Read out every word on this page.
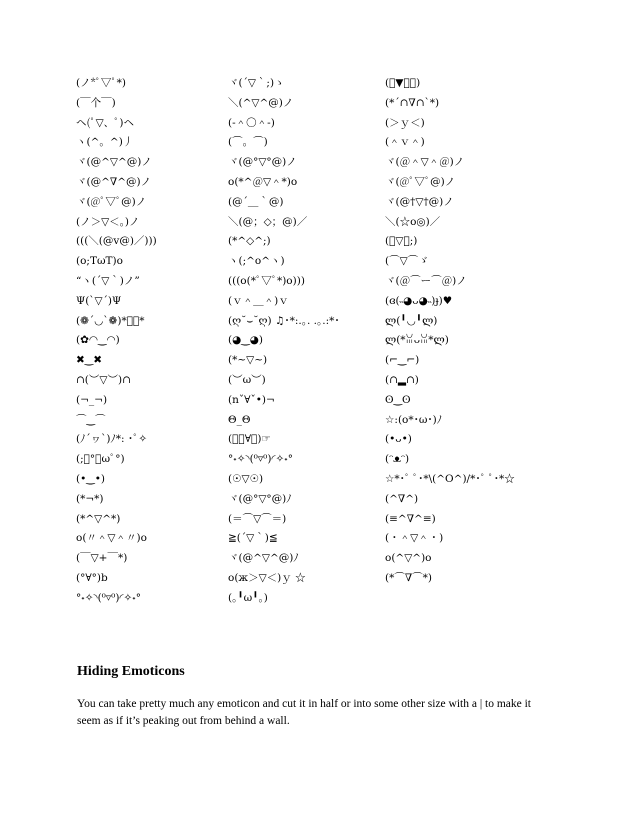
(ノ*ﾟ▽ﾟ*)	ヾ(´▽｀;)ゝ	(ﾟ▼ﾟ＊)
(￣个￣)	＼(^▽^@)ノ	(*´∩∇∩`*)
ヘ(ﾟ▽、ﾟ)ヘ	(-＾〇＾-)	(＞ｙ＜)
ヽ(^。^)丿	(⌒。⌒)	(＾ｖ＾)
ヾ(@^▽^@)ノ	ヾ(@°▽°@)ノ	ヾ(＠＾▽＾＠)ノ
ヾ(@^∇^@)ノ	o(*^＠▽＾*)o	ヾ(@ﾟ▽ﾟ@)ノ
ヾ(@ﾟ▽ﾟ@)ノ	(@´＿｀@)	ヾ(@†▽†@)ノ
(ノ＞▽＜。)ノ	＼(@；◇；@)／	＼(☆o◎)／
(((＼(@v@)／)))	(*^◇^;)	(ﾟ▽ﾟ;)
(o;TωT)o	ヽ(;^o^ヽ)	(⌒▽⌒ゞ
“ヽ(´▽｀)ノ”	(((o(*ﾟ▽ﾟ*)o)))	ヾ(＠⌒ー⌒＠)ノ
Ψ(`▽´)Ψ	(ｖ＾＿＾)ｖ	(ɞ(˵◕ᴗ◕˵)ɟ)♥
(❁´◡`❁)*✲ﾟ*	(ღ˘⌣˘ღ) ♫･*:.｡. .｡.:*･	ლ(╹◡╹ლ)
(✿◠‿◠)	(◕‿◕)	ლ(*ꈍᴗꈍ*ლ)
✖‿✖	(*~▽~)	(⌐‿⌐)
∩(︶▽︶)∩	(︶ω︶)	(∩▂∩)
(¬_¬)	(nˇ∀ˇ•)¬	ʘ‿ʘ
⌒‿⌒	Θ_Θ	☆:(o*･ω･)ﾉ
(ﾉ´ヮ`)ﾉ*: ･ﾟ✧	(☞ﾟ∀ﾟ)☞	(•ᴗ•)
(;ﾟ°ﾟωﾟ°)	°˖✧◝(⁰▿⁰)◜✧˖°	(ᵔᴥᵔ)
(•‿•)	(☉▽☉)	☆*･ﾟ ﾟ･*\(^O^)/*･ﾟ ﾟ･*☆
(*¬*)	ヾ(@°▽°@)ﾉ	(^∇^)
(*^▽^*)	(＝⌒▽⌒＝)	(≡^∇^≡)
o(〃＾▽＾〃)o	≧(´▽｀)≦	(・＾▽＾・)
(￣▽+￣*)	ヾ(@^▽^@)ﾉ	o(^▽^)o
(°∀°)b	o(ж＞▽＜)ｙ ☆	(*⌒∇⌒*)
°˖✧◝(⁰▿⁰)◜✧˖°	(｡╹ω╹｡)
Hiding Emoticons

You can take pretty much any emoticon and cut it in half or into some other size with a | to make it seem as if it’s peaking out from behind a wall.
